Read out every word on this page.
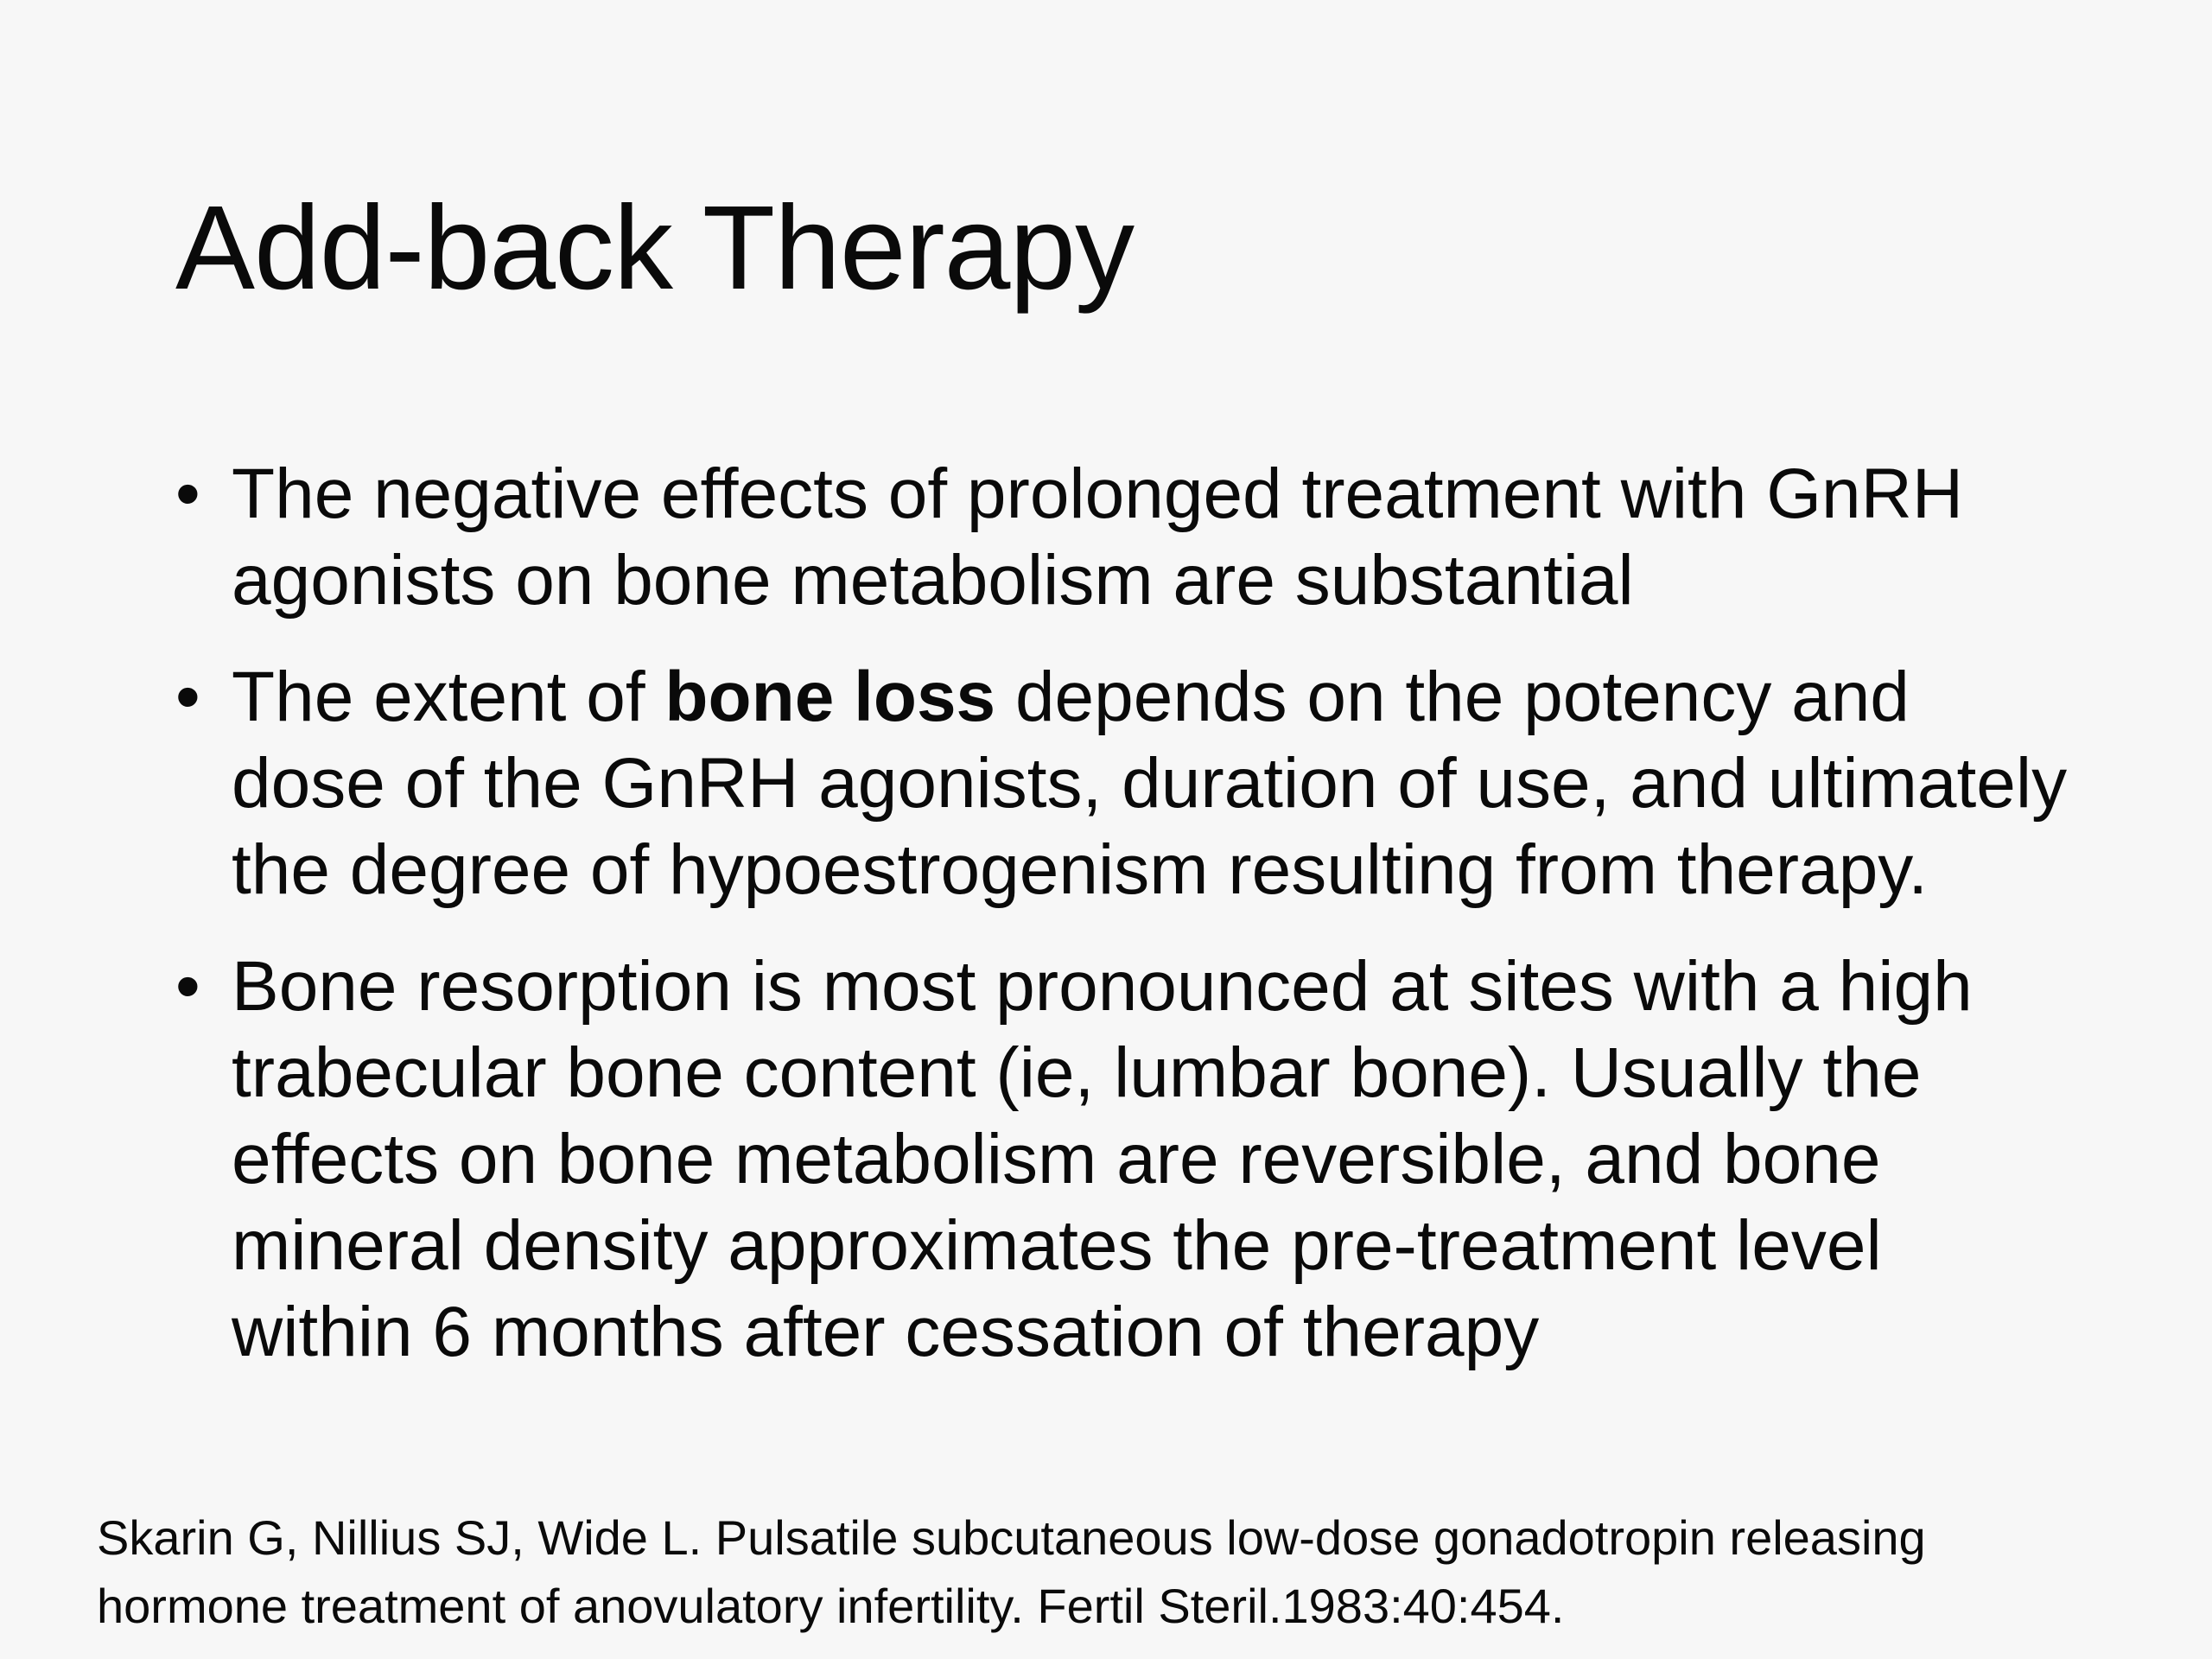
Add-back Therapy
• The negative effects of prolonged treatment with GnRH agonists on bone metabolism are substantial
• The extent of bone loss depends on the potency and dose of the GnRH agonists, duration of use, and ultimately the degree of hypoestrogenism resulting from therapy.
• Bone resorption is most pronounced at sites with a high trabecular bone content (ie, lumbar bone). Usually the effects on bone metabolism are reversible, and bone mineral density approximates the pre-treatment level within 6 months after cessation of therapy

Skarin G, Nillius SJ, Wide L. Pulsatile subcutaneous low-dose gonadotropin releasing hormone treatment of anovulatory infertility. Fertil Steril.1983:40:454.
